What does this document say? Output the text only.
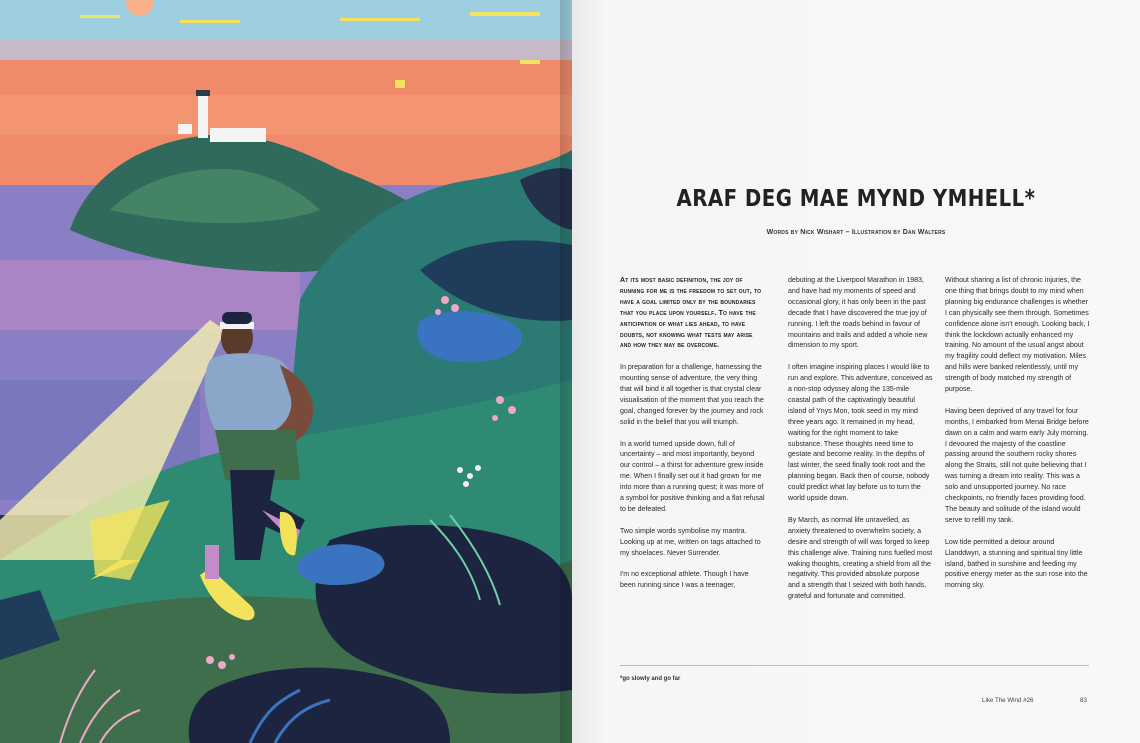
ARAF DEG MAE MYND YMHELL*
Words by Nick Wishart – Illustration by Dan Walters

At its most basic definition, the joy of running for me is the freedom to set out, to have a goal limited only by the boundaries that you place upon yourself. To have the anticipation of what lies ahead, to have doubts, not knowing what tests may arise and how they may be overcome.

In preparation for a challenge, harnessing the mounting sense of adventure, the very thing that will bind it all together is that crystal clear visualisation of the moment that you reach the goal, changed forever by the journey and rock solid in the belief that you will triumph.

In a world turned upside down, full of uncertainty – and most importantly, beyond our control – a thirst for adventure grew inside me. When I finally set out it had grown for me into more than a running quest; it was more of a symbol for positive thinking and a flat refusal to be defeated.

Two simple words symbolise my mantra. Looking up at me, written on tags attached to my shoelaces. Never Surrender.

I'm no exceptional athlete. Though I have been running since I was a teenager,

debuting at the Liverpool Marathon in 1983, and have had my moments of speed and occasional glory, it has only been in the past decade that I have discovered the true joy of running. I left the roads behind in favour of mountains and trails and added a whole new dimension to my sport.

I often imagine inspiring places I would like to run and explore. This adventure, conceived as a non-stop odyssey along the 135-mile coastal path of the captivatingly beautiful island of Ynys Mon, took seed in my mind three years ago. It remained in my head, waiting for the right moment to take substance. These thoughts need time to gestate and become reality. In the depths of last winter, the seed finally took root and the planning began. Back then of course, nobody could predict what lay before us to turn the world upside down.

By March, as normal life unravelled, as anxiety threatened to overwhelm society, a desire and strength of will was forged to keep this challenge alive. Training runs fuelled most waking thoughts, creating a shield from all the negativity. This provided absolute purpose and a strength that I seized with both hands, grateful and fortunate and committed.

Without sharing a list of chronic injuries, the one thing that brings doubt to my mind when planning big endurance challenges is whether I can physically see them through. Sometimes confidence alone isn't enough. Looking back, I think the lockdown actually enhanced my training. No amount of the usual angst about my fragility could deflect my motivation. Miles and hills were banked relentlessly, until my strength of body matched my strength of purpose.

Having been deprived of any travel for four months, I embarked from Menai Bridge before dawn on a calm and warm early July morning. I devoured the majesty of the coastline passing around the southern rocky shores along the Straits, still not quite believing that I was turning a dream into reality. This was a solo and unsupported journey. No race checkpoints, no friendly faces providing food. The beauty and solitude of the island would serve to refill my tank.

Low tide permitted a detour around Llanddwyn, a stunning and spiritual tiny little island, bathed in sunshine and feeding my positive energy meter as the sun rose into the morning sky.

*go slowly and go far
Like The Wind #26	83
